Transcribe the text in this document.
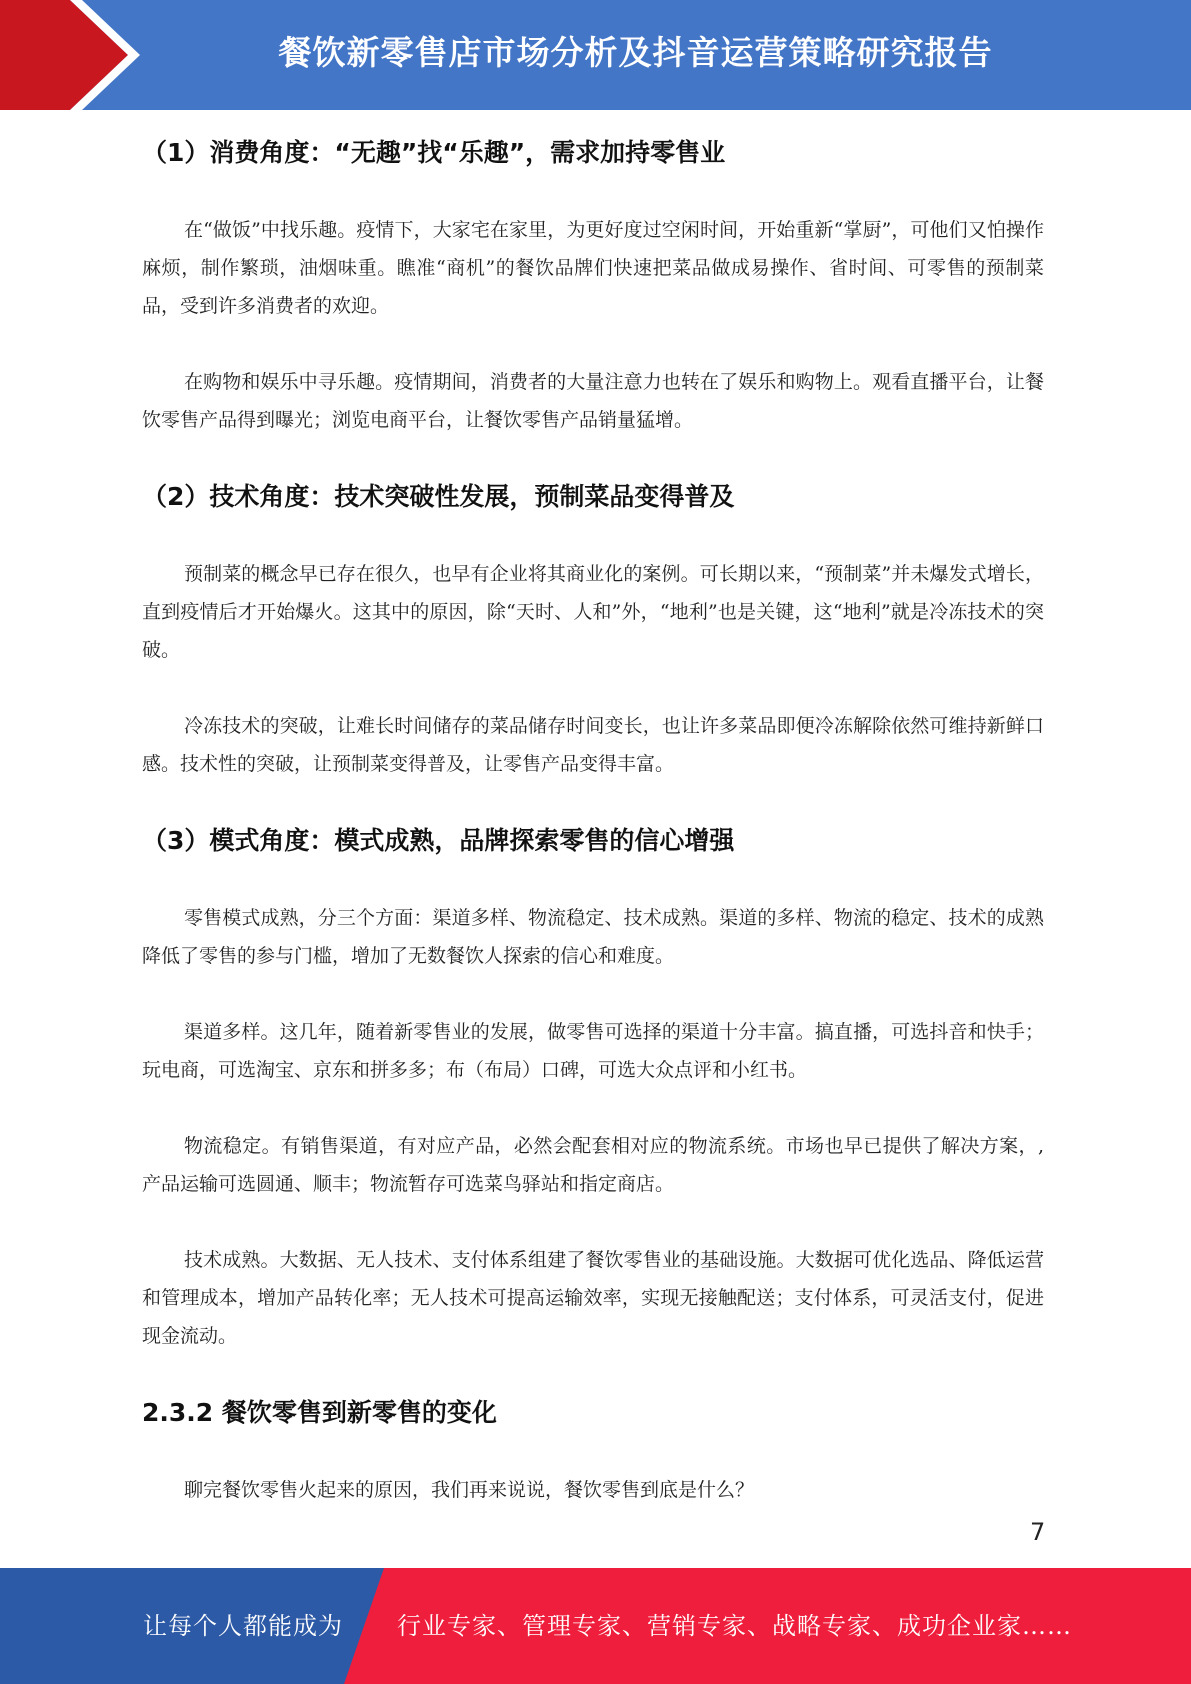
餐饮新零售店市场分析及抖音运营策略研究报告
（1）消费角度：“无趣”找“乐趣”，需求加持零售业

在“做饭”中找乐趣。疫情下，大家宅在家里，为更好度过空闲时间，开始重新“掌厨”，可他们又怕操作麻烦，制作繁琐，油烟味重。瞧准“商机”的餐饮品牌们快速把菜品做成易操作、省时间、可零售的预制菜品，受到许多消费者的欢迎。

在购物和娱乐中寻乐趣。疫情期间，消费者的大量注意力也转在了娱乐和购物上。观看直播平台，让餐饮零售产品得到曝光；浏览电商平台，让餐饮零售产品销量猛增。

（2）技术角度：技术突破性发展，预制菜品变得普及

预制菜的概念早已存在很久，也早有企业将其商业化的案例。可长期以来，“预制菜”并未爆发式增长，直到疫情后才开始爆火。这其中的原因，除“天时、人和”外，“地利”也是关键，这“地利”就是冷冻技术的突破。

冷冻技术的突破，让难长时间储存的菜品储存时间变长，也让许多菜品即便冷冻解除依然可维持新鲜口感。技术性的突破，让预制菜变得普及，让零售产品变得丰富。

（3）模式角度：模式成熟，品牌探索零售的信心增强

零售模式成熟，分三个方面：渠道多样、物流稳定、技术成熟。渠道的多样、物流的稳定、技术的成熟降低了零售的参与门槛，增加了无数餐饮人探索的信心和难度。

渠道多样。这几年，随着新零售业的发展，做零售可选择的渠道十分丰富。搞直播，可选抖音和快手；玩电商，可选淘宝、京东和拼多多；布（布局）口碑，可选大众点评和小红书。

物流稳定。有销售渠道，有对应产品，必然会配套相对应的物流系统。市场也早已提供了解决方案，,产品运输可选圆通、顺丰；物流暂存可选菜鸟驿站和指定商店。

技术成熟。大数据、无人技术、支付体系组建了餐饮零售业的基础设施。大数据可优化选品、降低运营和管理成本，增加产品转化率；无人技术可提高运输效率，实现无接触配送；支付体系，可灵活支付，促进现金流动。

2.3.2 餐饮零售到新零售的变化

聊完餐饮零售火起来的原因，我们再来说说，餐饮零售到底是什么？

7
让每个人都能成为 行业专家、管理专家、营销专家、战略专家、成功企业家……
